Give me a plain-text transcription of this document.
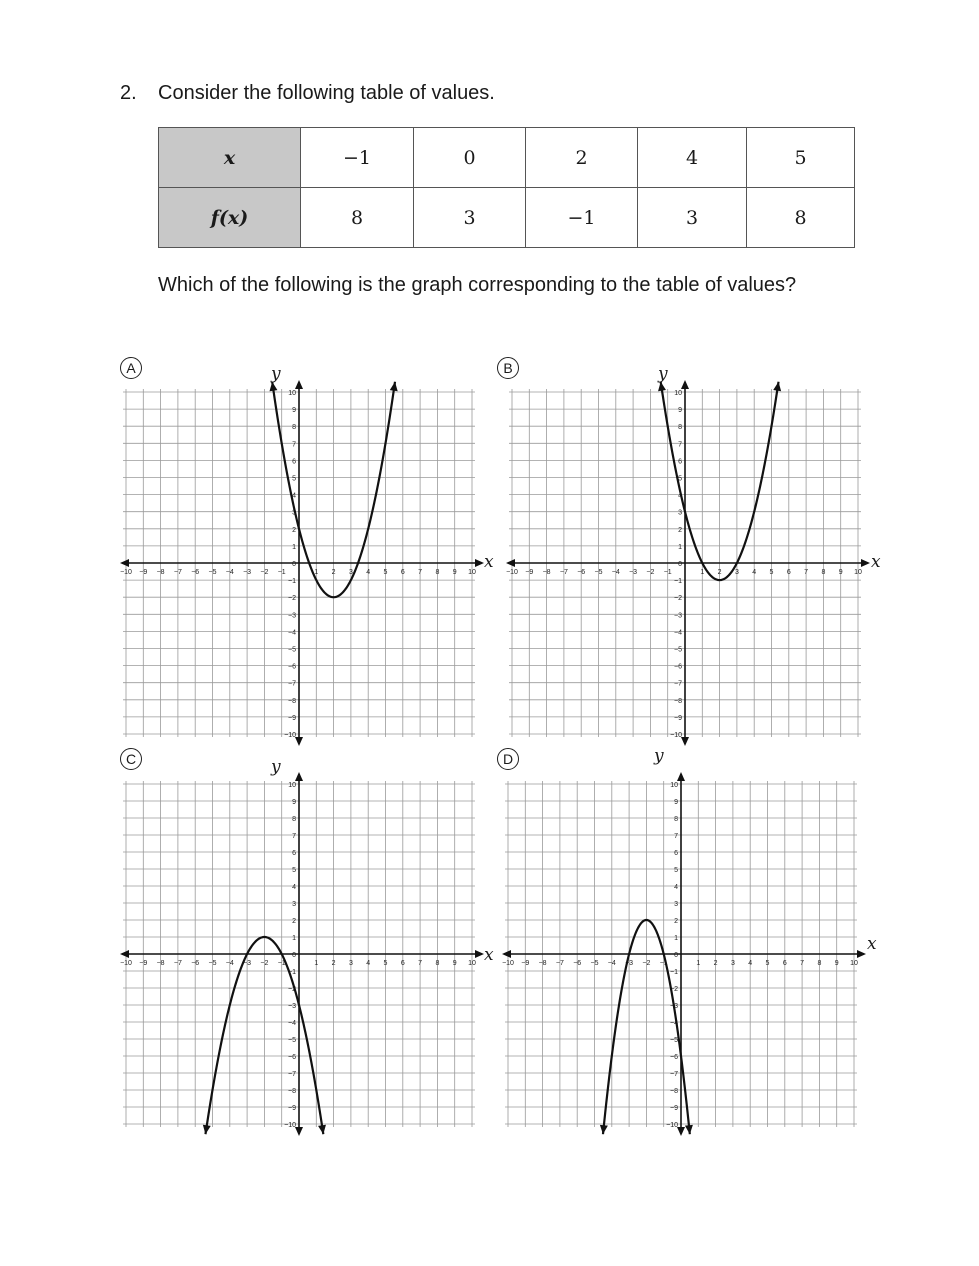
2. Consider the following table of values.
x	−1	0	2	4	5
f(x)	8	3	−1	3	8
Which of the following is the graph corresponding to the table of values?
A	y
x
−10 −9 −8 −7 −6 −5 −4 −3 −2 −1	1 2 3 4 5 6 7 8 9 10
10
9
8
7
6
5
4
3
2
1
0
−1
−2
−3
−4
−5
−6
−7
−8
−9
−10
B	y
x
−10 −9 −8 −7 −6 −5 −4 −3 −2 −1	1 2 3 4 5 6 7 8 9 10
10
9
8
7
6
5
4
3
2
1
0
−1
−2
−3
−4
−5
−6
−7
−8
−9
−10
C	y
x
−10 −9 −8 −7 −6 −5 −4 −3 −2 −1	1 2 3 4 5 6 7 8 9 10
10
9
8
7
6
5
4
3
2
1
0
−1
−2
−3
−4
−5
−6
−7
−8
−9
−10
D	y
x
−10 −9 −8 −7 −6 −5 −4 −3 −2 −1	1 2 3 4 5 6 7 8 9 10
10
9
8
7
6
5
4
3
2
1
0
−1
−2
−3
−4
−5
−6
−7
−8
−9
−10
